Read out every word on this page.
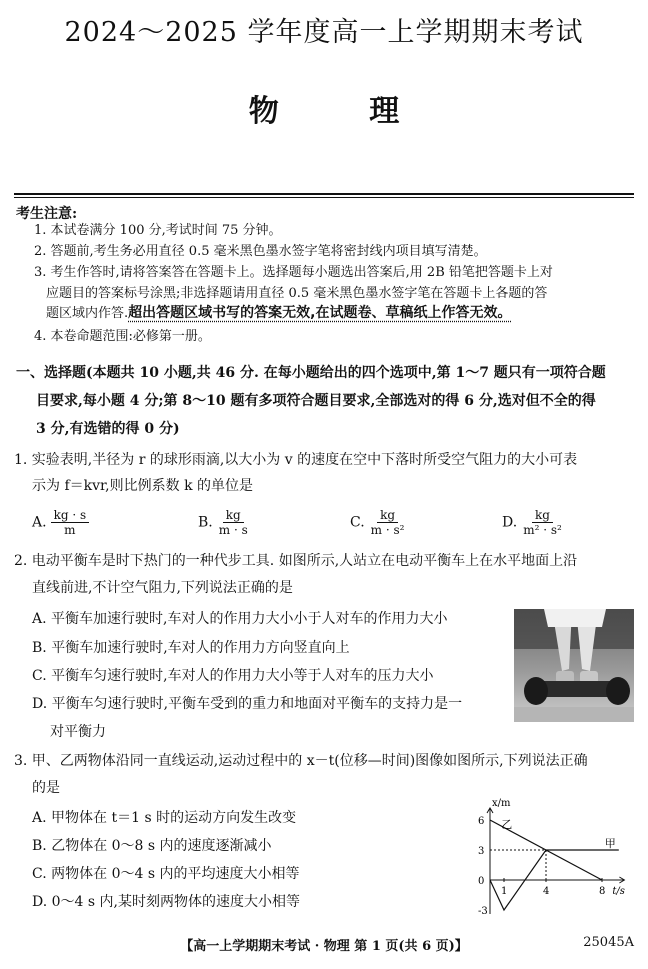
2024～2025 学年度高一上学期期末考试
物 理
考生注意:
1. 本试卷满分 100 分,考试时间 75 分钟。
2. 答题前,考生务必用直径 0.5 毫米黑色墨水签字笔将密封线内项目填写清楚。
3. 考生作答时,请将答案答在答题卡上。选择题每小题选出答案后,用 2B 铅笔把答题卡上对
应题目的答案标号涂黑;非选择题请用直径 0.5 毫米黑色墨水签字笔在答题卡上各题的答
题区域内作答.超出答题区域书写的答案无效,在试题卷、草稿纸上作答无效。
4. 本卷命题范围:必修第一册。
一、选择题(本题共 10 小题,共 46 分. 在每小题给出的四个选项中,第 1～7 题只有一项符合题
目要求,每小题 4 分;第 8～10 题有多项符合题目要求,全部选对的得 6 分,选对但不全的得
3 分,有选错的得 0 分)
1. 实验表明,半径为 r 的球形雨滴,以大小为 v 的速度在空中下落时所受空气阻力的大小可表
示为 f＝kvr,则比例系数 k 的单位是
A. $\frac{kg \cdot s}{m}$	B. $\frac{kg}{m \cdot s}$	C. $\frac{kg}{\text{m · s²}}$	D. $\frac{kg}{\text{m² · s²}}$
2. 电动平衡车是时下热门的一种代步工具. 如图所示,人站立在电动平衡车上在水平地面上沿
直线前进,不计空气阻力,下列说法正确的是
A. 平衡车加速行驶时,车对人的作用力大小小于人对车的作用力大小
B. 平衡车加速行驶时,车对人的作用力方向竖直向上
C. 平衡车匀速行驶时,车对人的作用力大小等于人对车的压力大小
D. 平衡车匀速行驶时,平衡车受到的重力和地面对平衡车的支持力是一
对平衡力
3. 甲、乙两物体沿同一直线运动,运动过程中的 x－t(位移—时间)图像如图所示,下列说法正确
的是
A. 甲物体在 t＝1 s 时的运动方向发生改变
B. 乙物体在 0～8 s 内的速度逐渐减小
C. 两物体在 0～4 s 内的平均速度大小相等
D. 0～4 s 内,某时刻两物体的速度大小相等
x/m
t/s
6
3
0
-3
1	4	8
乙
甲
【高一上学期期末考试 · 物理 第 1 页(共 6 页)】	25045A
